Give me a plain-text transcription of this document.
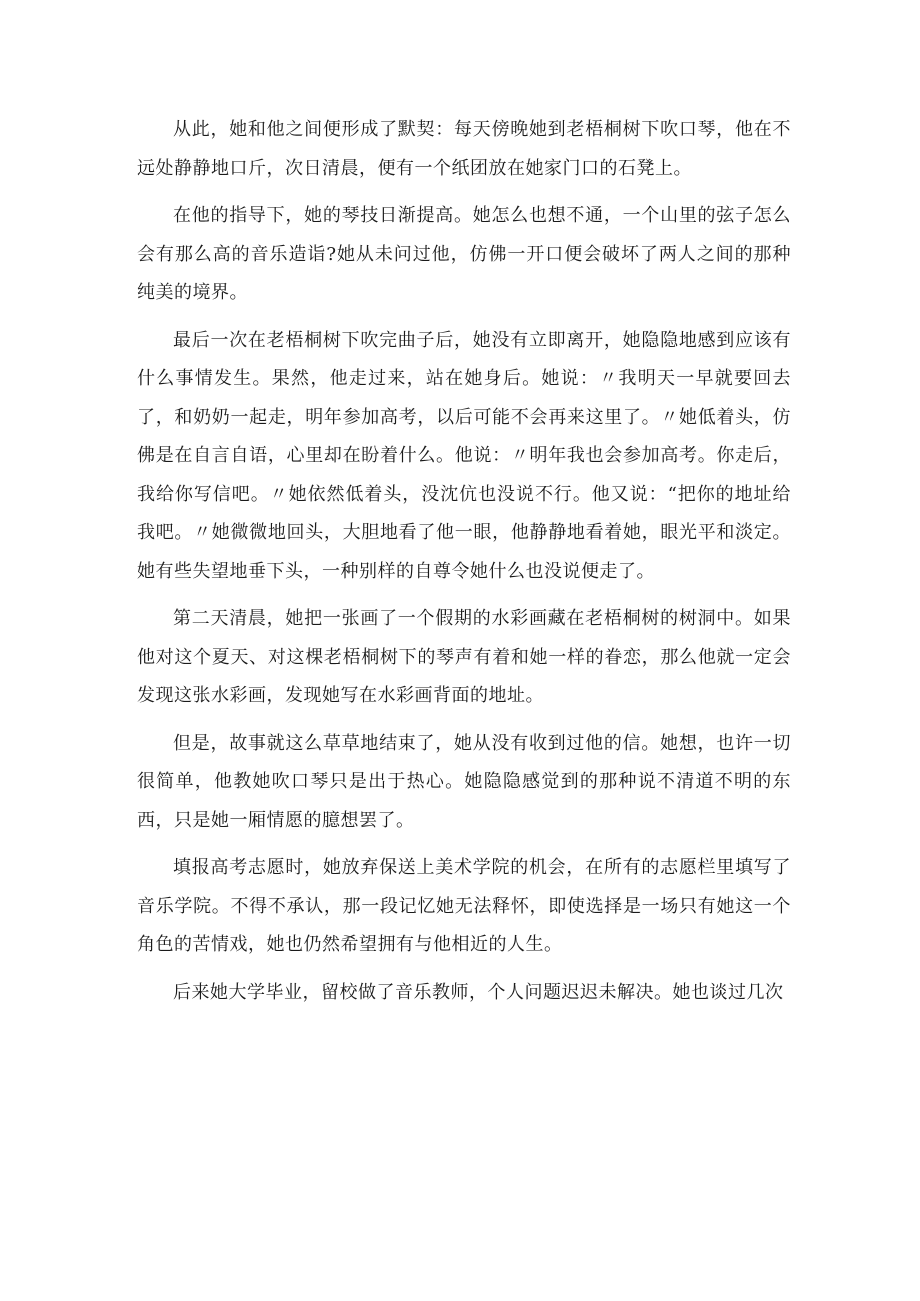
从此，她和他之间便形成了默契：每天傍晚她到老梧桐树下吹口琴，他在不远处静静地口斤，次日清晨，便有一个纸团放在她家门口的石凳上。

在他的指导下，她的琴技日渐提高。她怎么也想不通，一个山里的弦子怎么会有那么高的音乐造诣?她从未问过他，仿佛一开口便会破坏了两人之间的那种纯美的境界。

最后一次在老梧桐树下吹完曲子后，她没有立即离开，她隐隐地感到应该有什么事情发生。果然，他走过来，站在她身后。她说：〃我明天一早就要回去了，和奶奶一起走，明年参加高考，以后可能不会再来这里了。〃她低着头，仿佛是在自言自语，心里却在盼着什么。他说：〃明年我也会参加高考。你走后，我给你写信吧。〃她依然低着头，没沈伉也没说不行。他又说：“把你的地址给我吧。〃她微微地回头，大胆地看了他一眼，他静静地看着她，眼光平和淡定。她有些失望地垂下头，一种别样的自尊令她什么也没说便走了。

第二天清晨，她把一张画了一个假期的水彩画藏在老梧桐树的树洞中。如果他对这个夏天、对这棵老梧桐树下的琴声有着和她一样的眷恋，那么他就一定会发现这张水彩画，发现她写在水彩画背面的地址。

但是，故事就这么草草地结束了，她从没有收到过他的信。她想，也许一切很简单，他教她吹口琴只是出于热心。她隐隐感觉到的那种说不清道不明的东西，只是她一厢情愿的臆想罢了。

填报高考志愿时，她放弃保送上美术学院的机会，在所有的志愿栏里填写了音乐学院。不得不承认，那一段记忆她无法释怀，即使选择是一场只有她这一个角色的苦情戏，她也仍然希望拥有与他相近的人生。

后来她大学毕业，留校做了音乐教师，个人问题迟迟未解决。她也谈过几次
